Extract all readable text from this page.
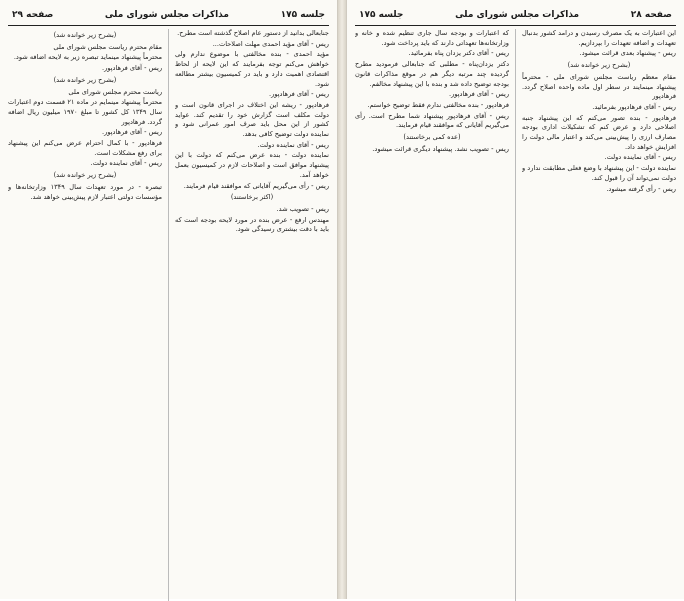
جلسه ۱۷۵
مذاکرات مجلس شورای ملی
صفحه ۲۹

جنابعالی بدانید از دستور عام اصلاح گذشته است مطرح.

ریس - آقای مؤید احمدی مهلت اصلاحات...

مؤید احمدی - بنده مخالفتی با موضوع ندارم ولی خواهش می‌کنم توجه بفرمایند که این لایحه از لحاظ اقتصادی اهمیت دارد و باید در کمیسیون بیشتر مطالعه شود.

ریس - آقای فرهادپور.

فرهادپور - ریشه این اختلاف در اجرای قانون است و دولت مکلف است گزارش خود را تقدیم کند. عواید کشور از این محل باید صرف امور عمرانی شود و نماینده دولت توضیح کافی بدهد.

ریس - آقای نماینده دولت.

نماینده دولت - بنده عرض می‌کنم که دولت با این پیشنهاد موافق است و اصلاحات لازم در کمیسیون بعمل خواهد آمد.

ریس - رأی می‌گیریم آقایانی که موافقند قیام فرمایند.

(اکثر برخاستند)

ریس - تصویب شد.

مهندس ارفع - عرض بنده در مورد لایحه بودجه است که باید با دقت بیشتری رسیدگی شود.

(بشرح زیر خوانده شد)

مقام محترم ریاست مجلس شورای ملی

محترماً پیشنهاد مینماید تبصره زیر به لایحه اضافه شود.

ریس - آقای فرهادپور.

(بشرح زیر خوانده شد)

ریاست محترم مجلس شورای ملی

محترماً پیشنهاد مینمایم در ماده ۲۱ قسمت دوم اعتبارات سال ۱۳۴۹ کل کشور تا مبلغ ۱۹۷۰ میلیون ریال اضافه گردد. فرهادپور

ریس - آقای فرهادپور.

فرهادپور - با کمال احترام عرض می‌کنم این پیشنهاد برای رفع مشکلات است.

ریس - آقای نماینده دولت.

(بشرح زیر خوانده شد)

تبصره - در مورد تعهدات سال ۱۳۴۹ وزارتخانه‌ها و مؤسسات دولتی اعتبار لازم پیش‌بینی خواهد شد.

صفحه ۲۸
مذاکرات مجلس شورای ملی
جلسه ۱۷۵

این اعتبارات به یک مصرف رسیدن و درامد کشور بدنبال تعهدات و اضافه تعهدات را بپردازیم.

ریس - پیشنهاد بعدی قرائت میشود.

(بشرح زیر خوانده شد)

مقام معظم ریاست مجلس شورای ملی - محترماً پیشنهاد مینمایند در سطر اول ماده واحده اصلاح گردد. فرهادپور

ریس - آقای فرهادپور بفرمائید.

فرهادپور - بنده تصور می‌کنم که این پیشنهاد جنبه اصلاحی دارد و عرض کنم که تشکیلات اداری بودجه مصارف ارزی را پیش‌بینی می‌کند و اعتبار مالی دولت را افزایش خواهد داد.

ریس - آقای نماینده دولت.

نماینده دولت - این پیشنهاد با وضع فعلی مطابقت ندارد و دولت نمی‌تواند آن را قبول کند.

ریس - رأی گرفته میشود.

که اعتبارات و بودجه سال جاری تنظیم شده و خانه و وزارتخانه‌ها تعهداتی دارند که باید پرداخت شود.

ریس - آقای دکتر یزدان پناه بفرمائید.

دکتر یزدان‌پناه - مطلبی که جنابعالی فرمودید مطرح گردیده چند مرتبه دیگر هم در موقع مذاکرات قانون بودجه توضیح داده شد و بنده با این پیشنهاد مخالفم.

ریس - آقای فرهادپور.

فرهادپور - بنده مخالفتی ندارم فقط توضیح خواستم.

ریس - آقای فرهادپور پیشنهاد شما مطرح است. رأی می‌گیریم آقایانی که موافقند قیام فرمایند.

(عده کمی برخاستند)

ریس - تصویب نشد. پیشنهاد دیگری قرائت میشود.
